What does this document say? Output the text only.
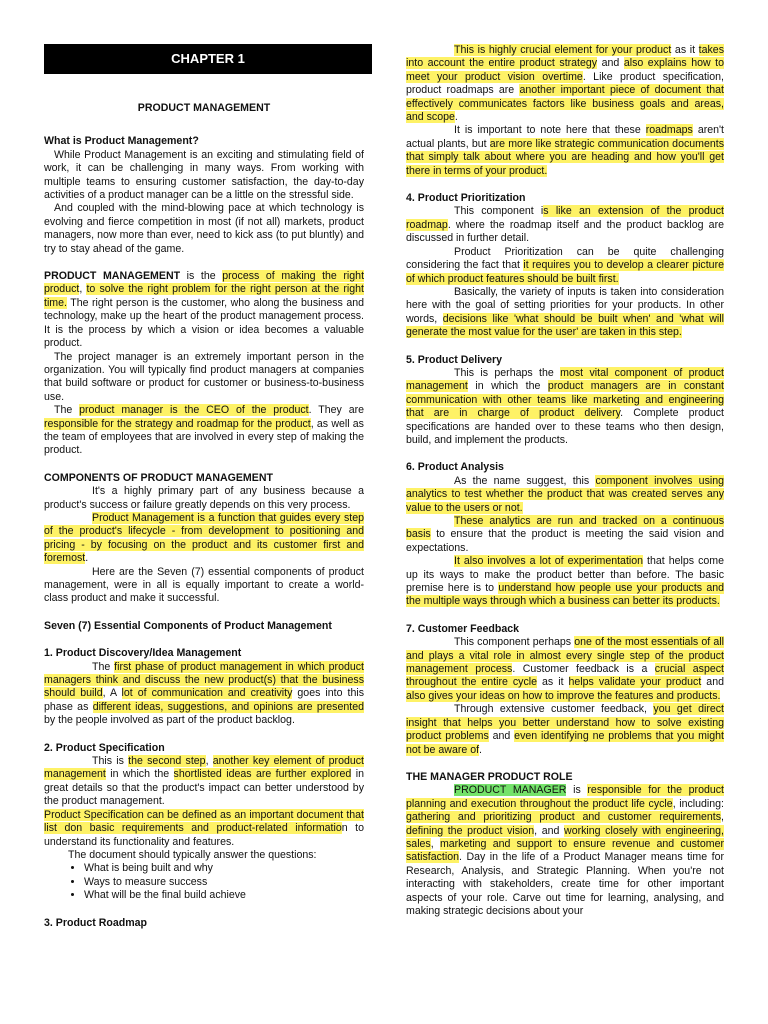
CHAPTER 1
PRODUCT MANAGEMENT

What is Product Management?

While Product Management is an exciting and stimulating field of work, it can be challenging in many ways. From working with multiple teams to ensuring customer satisfaction, the day-to-day activities of a product manager can be a little on the stressful side.

And coupled with the mind-blowing pace at which technology is evolving and fierce competition in most (if not all) markets, product managers, now more than ever, need to kick ass (to put bluntly) and try to stay ahead of the game.

PRODUCT MANAGEMENT is the process of making the right product, to solve the right problem for the right person at the right time. The right person is the customer, who along the business and technology, make up the heart of the product management process. It is the process by which a vision or idea becomes a valuable product.

The project manager is an extremely important person in the organization. You will typically find product managers at companies that build software or product for customer or business-to-business use.

The product manager is the CEO of the product. They are responsible for the strategy and roadmap for the product, as well as the team of employees that are involved in every step of making the product.

COMPONENTS OF PRODUCT MANAGEMENT

It's a highly primary part of any business because a product's success or failure greatly depends on this very process.

Product Management is a function that guides every step of the product's lifecycle - from development to positioning and pricing - by focusing on the product and its customer first and foremost.

Here are the Seven (7) essential components of product management, were in all is equally important to create a world- class product and make it successful.

Seven (7) Essential Components of Product Management

1. Product Discovery/Idea Management

The first phase of product management in which product managers think and discuss the new product(s) that the business should build, A lot of communication and creativity goes into this phase as different ideas, suggestions, and opinions are presented by the people involved as part of the product backlog.

2. Product Specification

This is the second step, another key element of product management in which the shortlisted ideas are further explored in great details so that the product's impact can better understood by the product management.

Product Specification can be defined as an important document that list don basic requirements and product-related information to understand its functionality and features.

The document should typically answer the questions:

• What is being built and why
• Ways to measure success
• What will be the final build achieve

3. Product Roadmap

This is highly crucial element for your product as it takes into account the entire product strategy and also explains how to meet your product vision overtime. Like product specification, product roadmaps are another important piece of document that effectively communicates factors like business goals and areas, and scope.

It is important to note here that these roadmaps aren't actual plants, but are more like strategic communication documents that simply talk about where you are heading and how you'll get there in terms of your product.

4. Product Prioritization

This component is like an extension of the product roadmap. where the roadmap itself and the product backlog are discussed in further detail.

Product Prioritization can be quite challenging considering the fact that it requires you to develop a clearer picture of which product features should be built first.

Basically, the variety of inputs is taken into consideration here with the goal of setting priorities for your products. In other words, decisions like 'what should be built when' and 'what will generate the most value for the user' are taken in this step.

5. Product Delivery

This is perhaps the most vital component of product management in which the product managers are in constant communication with other teams like marketing and engineering that are in charge of product delivery. Complete product specifications are handed over to these teams who then design, build, and implement the products.

6. Product Analysis

As the name suggest, this component involves using analytics to test whether the product that was created serves any value to the users or not.

These analytics are run and tracked on a continuous basis to ensure that the product is meeting the said vision and expectations.

It also involves a lot of experimentation that helps come up its ways to make the product better than before. The basic premise here is to understand how people use your products and the multiple ways through which a business can better its products.

7. Customer Feedback

This component perhaps one of the most essentials of all and plays a vital role in almost every single step of the product management process. Customer feedback is a crucial aspect throughout the entire cycle as it helps validate your product and also gives your ideas on how to improve the features and products.

Through extensive customer feedback, you get direct insight that helps you better understand how to solve existing product problems and even identifying ne problems that you might not be aware of.

THE MANAGER PRODUCT ROLE

PRODUCT MANAGER is responsible for the product planning and execution throughout the product life cycle, including: gathering and prioritizing product and customer requirements, defining the product vision, and working closely with engineering, sales, marketing and support to ensure revenue and customer satisfaction. Day in the life of a Product Manager means time for Research, Analysis, and Strategic Planning. When you're not interacting with stakeholders, create time for other important aspects of your role. Carve out time for learning, analysing, and making strategic decisions about your
